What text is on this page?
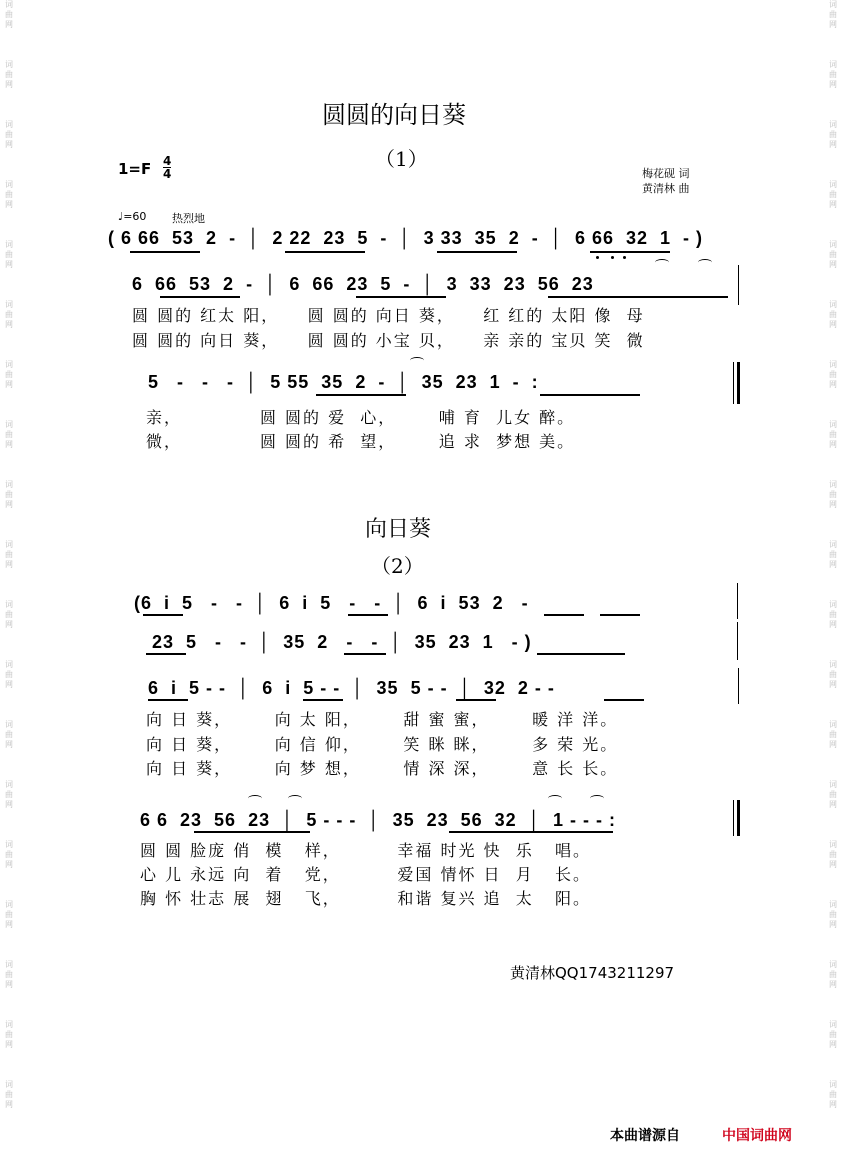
词
曲
网
词
曲
网
词
曲
网
词
曲
网
词
曲
网
词
曲
网
词
曲
网
词
曲
网
词
曲
网
词
曲
网
词
曲
网
词
曲
网
词
曲
网
词
曲
网
词
曲
网
词
曲
网
词
曲
网
词
曲
网
词
曲
网
词
曲
网
词
曲
网
词
曲
网
词
曲
网
词
曲
网
词
曲
网
词
曲
网
词
曲
网
词
曲
网
词
曲
网
词
曲
网
词
曲
网
词
曲
网
词
曲
网
词
曲
网
词
曲
网
词
曲
网
词
曲
网
词
曲
网
圆圆的向日葵
（1）
1=F 4
4	梅花砚 词
黄清林 曲
♩=60 热烈地
( 6 66  53  2  -  │  2 22  23  5  -  │  3 33  35  2  -  │  6 66  32  1  - )
6  66  53  2  -  │  6  66  23  5  -  │  3  33  23  56  23
圆 圆的 红太 阳，    圆 圆的 向日 葵，    红 红的 太阳 像  母
圆 圆的 向日 葵，    圆 圆的 小宝 贝，    亲 亲的 宝贝 笑  微
5   -   -   -  │  5 55  35  2  -  │  35  23  1  -  :
亲，           圆 圆的 爱  心，      哺 育  儿女 醉。
微，           圆 圆的 希  望，      追 求  梦想 美。
向日葵
（2）
(6  i  5   -   -  │  6  i  5   -   -  │  6  i  53  2   -
23  5   -   -  │  35  2   -   -  │  35  23  1   - )
6  i  5 - -  │  6  i  5 - -  │  35  5 - -  │  32  2 - -
向 日 葵，      向 太 阳，      甜 蜜 蜜，      暖 洋 洋。
向 日 葵，      向 信 仰，      笑 眯 眯，      多 荣 光。
向 日 葵，      向 梦 想，      情 深 深，      意 长 长。
6 6  23  56  23  │  5 - - -  │  35  23  56  32  │  1 - - - :
圆 圆 脸庞 俏  模   样，        幸福 时光 快  乐   唱。
心 儿 永远 向  着   党，        爱国 情怀 日  月   长。
胸 怀 壮志 展  翅   飞，        和谐 复兴 追  太   阳。
黄清林QQ1743211297
本曲谱源自	中国词曲网
